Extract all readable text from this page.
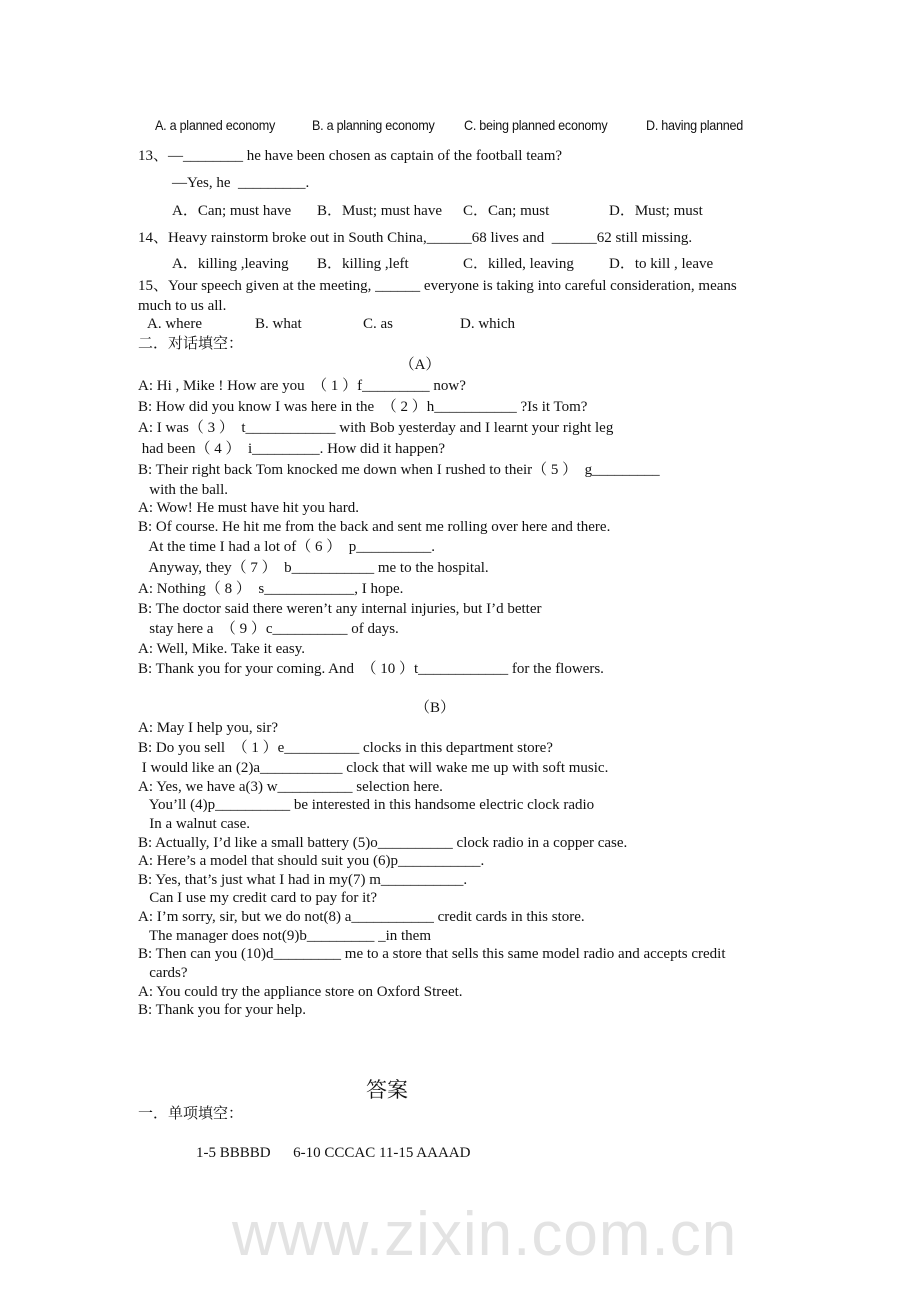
www.zixin.com.cn
A. a planned economy	B. a planning economy C. being planned economy	D. having planned
13、—________ he have been chosen as captain of the football team?
—Yes, he  _________.
A．Can; must have B．Must; must have C．Can; must	D．Must; must
14、Heavy rainstorm broke out in South China,______68 lives and  ______62 still missing.
A．killing ,leaving B．killing ,left	C．killed, leaving D．to kill , leave
15、Your speech given at the meeting, ______ everyone is taking into careful consideration, means
much to us all.
A. where	B. what	C. as	D. which
二．对话填空：
（A）
A: Hi , Mike ! How are you  （ 1 ）f_________ now?
B: How did you know I was here in the  （ 2 ）h___________ ?Is it Tom?
A: I was（ 3 ）  t____________ with Bob yesterday and I learnt your right leg
had been（ 4 ）  i_________. How did it happen?
B: Their right back Tom knocked me down when I rushed to their（ 5 ）  g_________
with the ball.
A: Wow! He must have hit you hard.
B: Of course. He hit me from the back and sent me rolling over here and there.
At the time I had a lot of（ 6 ）  p__________.
Anyway, they（ 7 ）  b___________ me to the hospital.
A: Nothing（ 8 ）  s____________, I hope.
B: The doctor said there weren’t any internal injuries, but I’d better
stay here a  （ 9 ）c__________ of days.
A: Well, Mike. Take it easy.
B: Thank you for your coming. And  （ 10 ）t____________ for the flowers.
（B）
A: May I help you, sir?
B: Do you sell  （ 1 ）e__________ clocks in this department store?
I would like an (2)a___________ clock that will wake me up with soft music.
A: Yes, we have a(3) w__________ selection here.
You’ll (4)p__________ be interested in this handsome electric clock radio
In a walnut case.
B: Actually, I’d like a small battery (5)o__________ clock radio in a copper case.
A: Here’s a model that should suit you (6)p___________.
B: Yes, that’s just what I had in my(7) m___________.
Can I use my credit card to pay for it?
A: I’m sorry, sir, but we do not(8) a___________ credit cards in this store.
The manager does not(9)b_________ _in them
B: Then can you (10)d_________ me to a store that sells this same model radio and accepts credit
cards?
A: You could try the appliance store on Oxford Street.
B: Thank you for your help.
答案
一．单项填空：
1-5 BBBBD      6-10 CCCAC 11-15 AAAAD
